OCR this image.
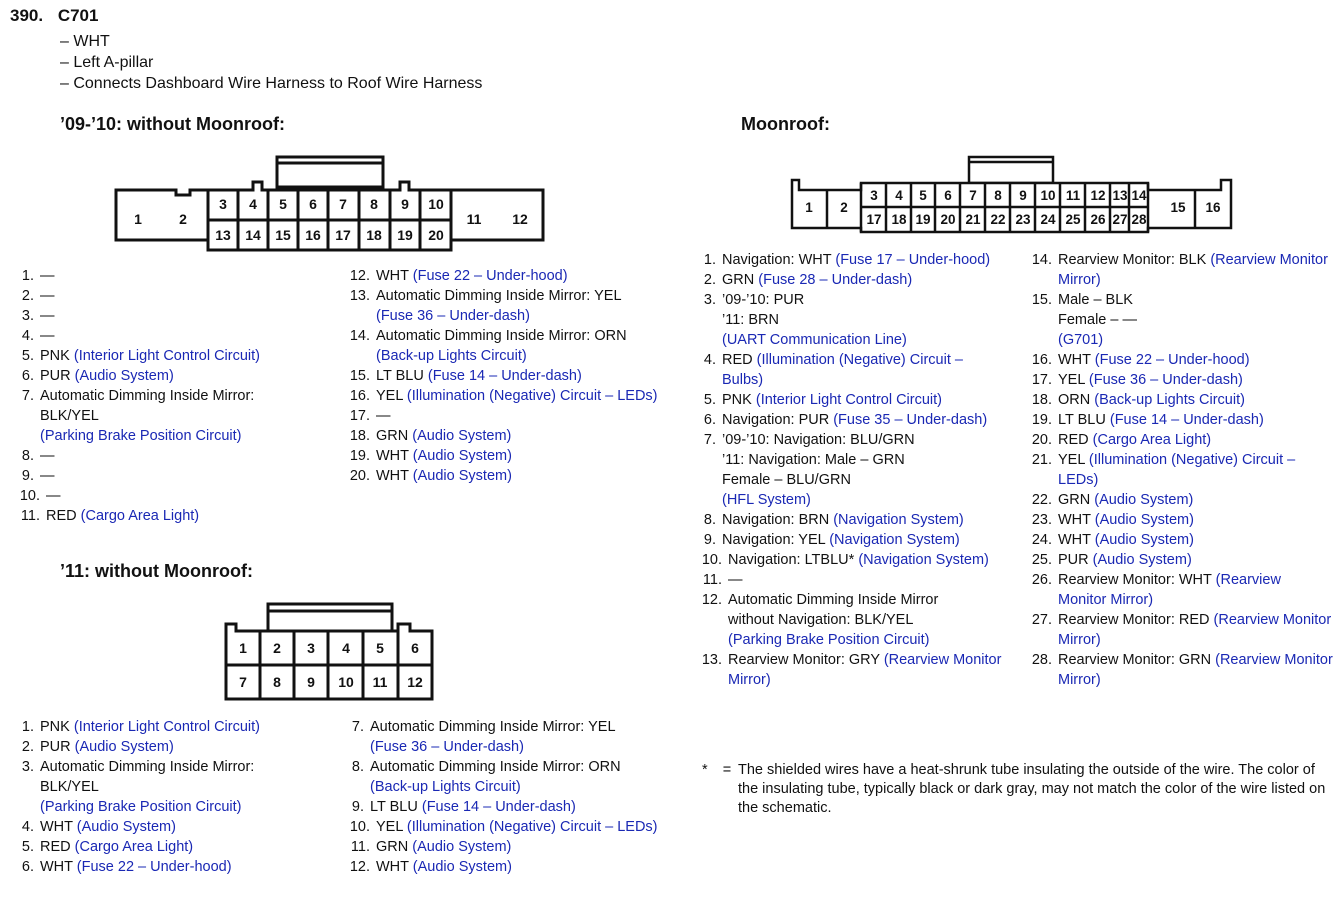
390. C701
– WHT
– Left A-pillar
– Connects Dashboard Wire Harness to Roof Wire Harness
’09-’10: without Moonroof:
’11: without Moonroof:
Moonroof:
1	2
3 4 5 6 7 8 9 10
11 12
13 14 15 16 17 18 19 20
1 2 3 4 5 6
7 8 9 10 11 12
1 2
3 4 5 6 7 8 9 10 11 12 13 14
15 16
17 18 19 20 21 22 23 24 25 26 27 28
1. —
2. —
3. —
4. —
5. PNK (Interior Light Control Circuit)
6. PUR (Audio System)
7. Automatic Dimming Inside Mirror:
BLK/YEL
(Parking Brake Position Circuit)
8. —
9. —
10. —
11. RED (Cargo Area Light)
12. WHT (Fuse 22 – Under-hood)
13. Automatic Dimming Inside Mirror: YEL
(Fuse 36 – Under-dash)
14. Automatic Dimming Inside Mirror: ORN
(Back-up Lights Circuit)
15. LT BLU (Fuse 14 – Under-dash)
16. YEL (Illumination (Negative) Circuit – LEDs)
17. —
18. GRN (Audio System)
19. WHT (Audio System)
20. WHT (Audio System)
1. PNK (Interior Light Control Circuit)
2. PUR (Audio System)
3. Automatic Dimming Inside Mirror:
BLK/YEL
(Parking Brake Position Circuit)
4. WHT (Audio System)
5. RED (Cargo Area Light)
6. WHT (Fuse 22 – Under-hood)
7. Automatic Dimming Inside Mirror: YEL
(Fuse 36 – Under-dash)
8. Automatic Dimming Inside Mirror: ORN
(Back-up Lights Circuit)
9. LT BLU (Fuse 14 – Under-dash)
10. YEL (Illumination (Negative) Circuit – LEDs)
11. GRN (Audio System)
12. WHT (Audio System)
1. Navigation: WHT (Fuse 17 – Under-hood)
2. GRN (Fuse 28 – Under-dash)
3. ’09-’10: PUR
’11: BRN
(UART Communication Line)
4. RED (Illumination (Negative) Circuit – Bulbs)
5. PNK (Interior Light Control Circuit)
6. Navigation: PUR (Fuse 35 – Under-dash)
7. ’09-’10: Navigation: BLU/GRN
’11: Navigation: Male – GRN
Female – BLU/GRN
(HFL System)
8. Navigation: BRN (Navigation System)
9. Navigation: YEL (Navigation System)
10. Navigation: LTBLU* (Navigation System)
11. —
12. Automatic Dimming Inside Mirror
without Navigation: BLK/YEL
(Parking Brake Position Circuit)
13. Rearview Monitor: GRY (Rearview Monitor Mirror)
14. Rearview Monitor: BLK (Rearview Monitor Mirror)
15. Male – BLK
Female – —
(G701)
16. WHT (Fuse 22 – Under-hood)
17. YEL (Fuse 36 – Under-dash)
18. ORN (Back-up Lights Circuit)
19. LT BLU (Fuse 14 – Under-dash)
20. RED (Cargo Area Light)
21. YEL (Illumination (Negative) Circuit – LEDs)
22. GRN (Audio System)
23. WHT (Audio System)
24. WHT (Audio System)
25. PUR (Audio System)
26. Rearview Monitor: WHT (Rearview Monitor Mirror)
27. Rearview Monitor: RED (Rearview Monitor Mirror)
28. Rearview Monitor: GRN (Rearview Monitor Mirror)
*	= The shielded wires have a heat-shrunk tube insulating the outside of the wire. The color of the insulating tube, typically black or dark gray, may not match the color of the wire listed on the schematic.
